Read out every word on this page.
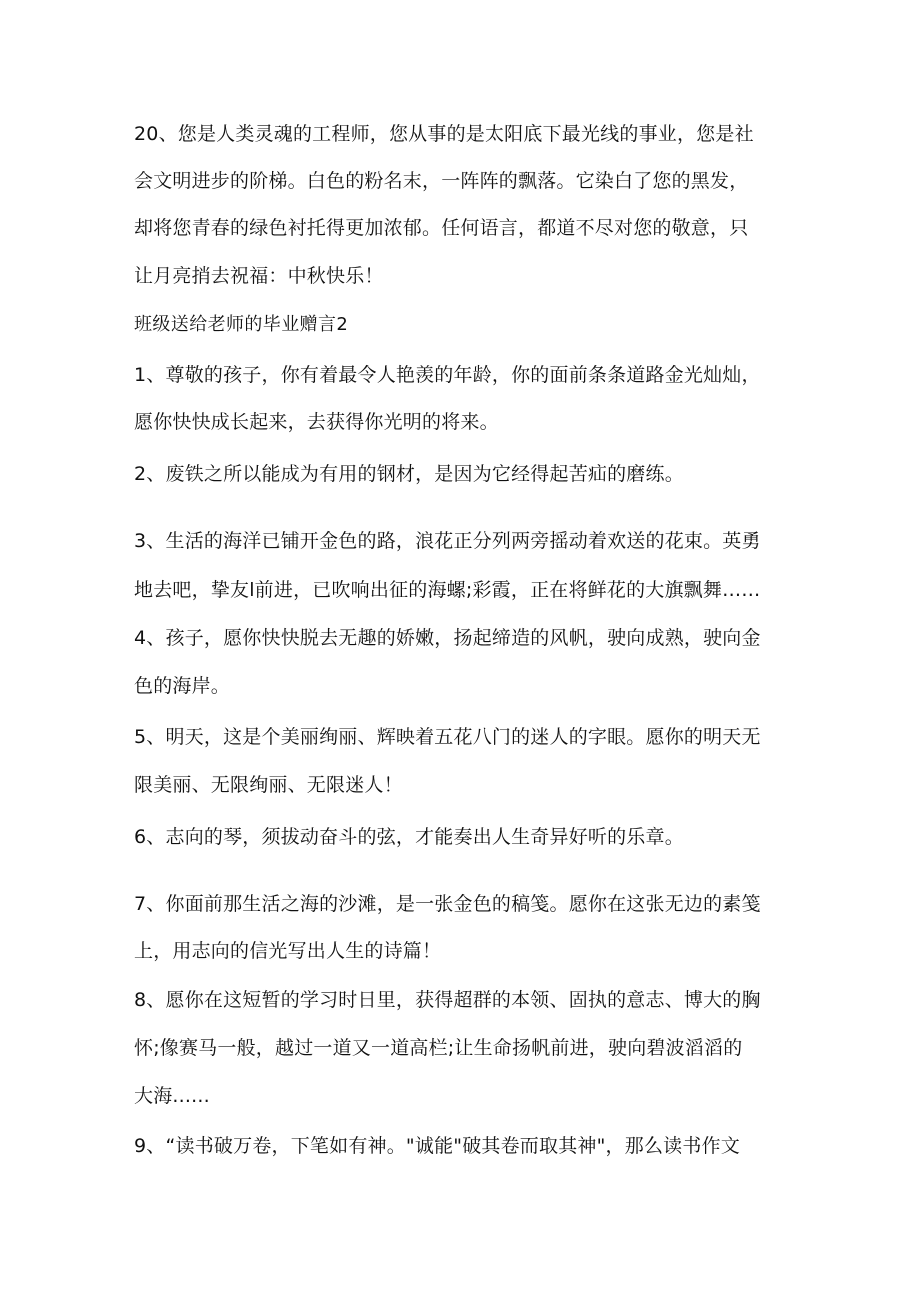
20、您是人类灵魂的工程师，您从事的是太阳底下最光线的事业，您是社
会文明进步的阶梯。白色的粉名末，一阵阵的飘落。它染白了您的黑发，
却将您青春的绿色衬托得更加浓郁。任何语言，都道不尽对您的敬意，只
让月亮捎去祝福：中秋快乐！
班级送给老师的毕业赠言2
1、尊敬的孩子，你有着最令人艳羡的年龄，你的面前条条道路金光灿灿，
愿你快快成长起来，去获得你光明的将来。
2、废铁之所以能成为有用的钢材，是因为它经得起苦疝的磨练。
3、生活的海洋已铺开金色的路，浪花正分列两旁摇动着欢送的花束。英勇
地去吧，挚友l前进，已吹响出征的海螺;彩霞，正在将鲜花的大旗飘舞……
4、孩子，愿你快快脱去无趣的娇嫩，扬起缔造的风帆，驶向成熟，驶向金
色的海岸。
5、明天，这是个美丽绚丽、辉映着五花八门的迷人的字眼。愿你的明天无
限美丽、无限绚丽、无限迷人！
6、志向的琴，须拔动奋斗的弦，才能奏出人生奇异好听的乐章。
7、你面前那生活之海的沙滩，是一张金色的稿笺。愿你在这张无边的素笺
上，用志向的信光写出人生的诗篇！
8、愿你在这短暂的学习时日里，获得超群的本领、固执的意志、博大的胸
怀;像赛马一般，越过一道又一道高栏;让生命扬帆前进，驶向碧波滔滔的
大海......
9、“读书破万卷，下笔如有神。"诚能"破其卷而取其神"，那么读书作文
